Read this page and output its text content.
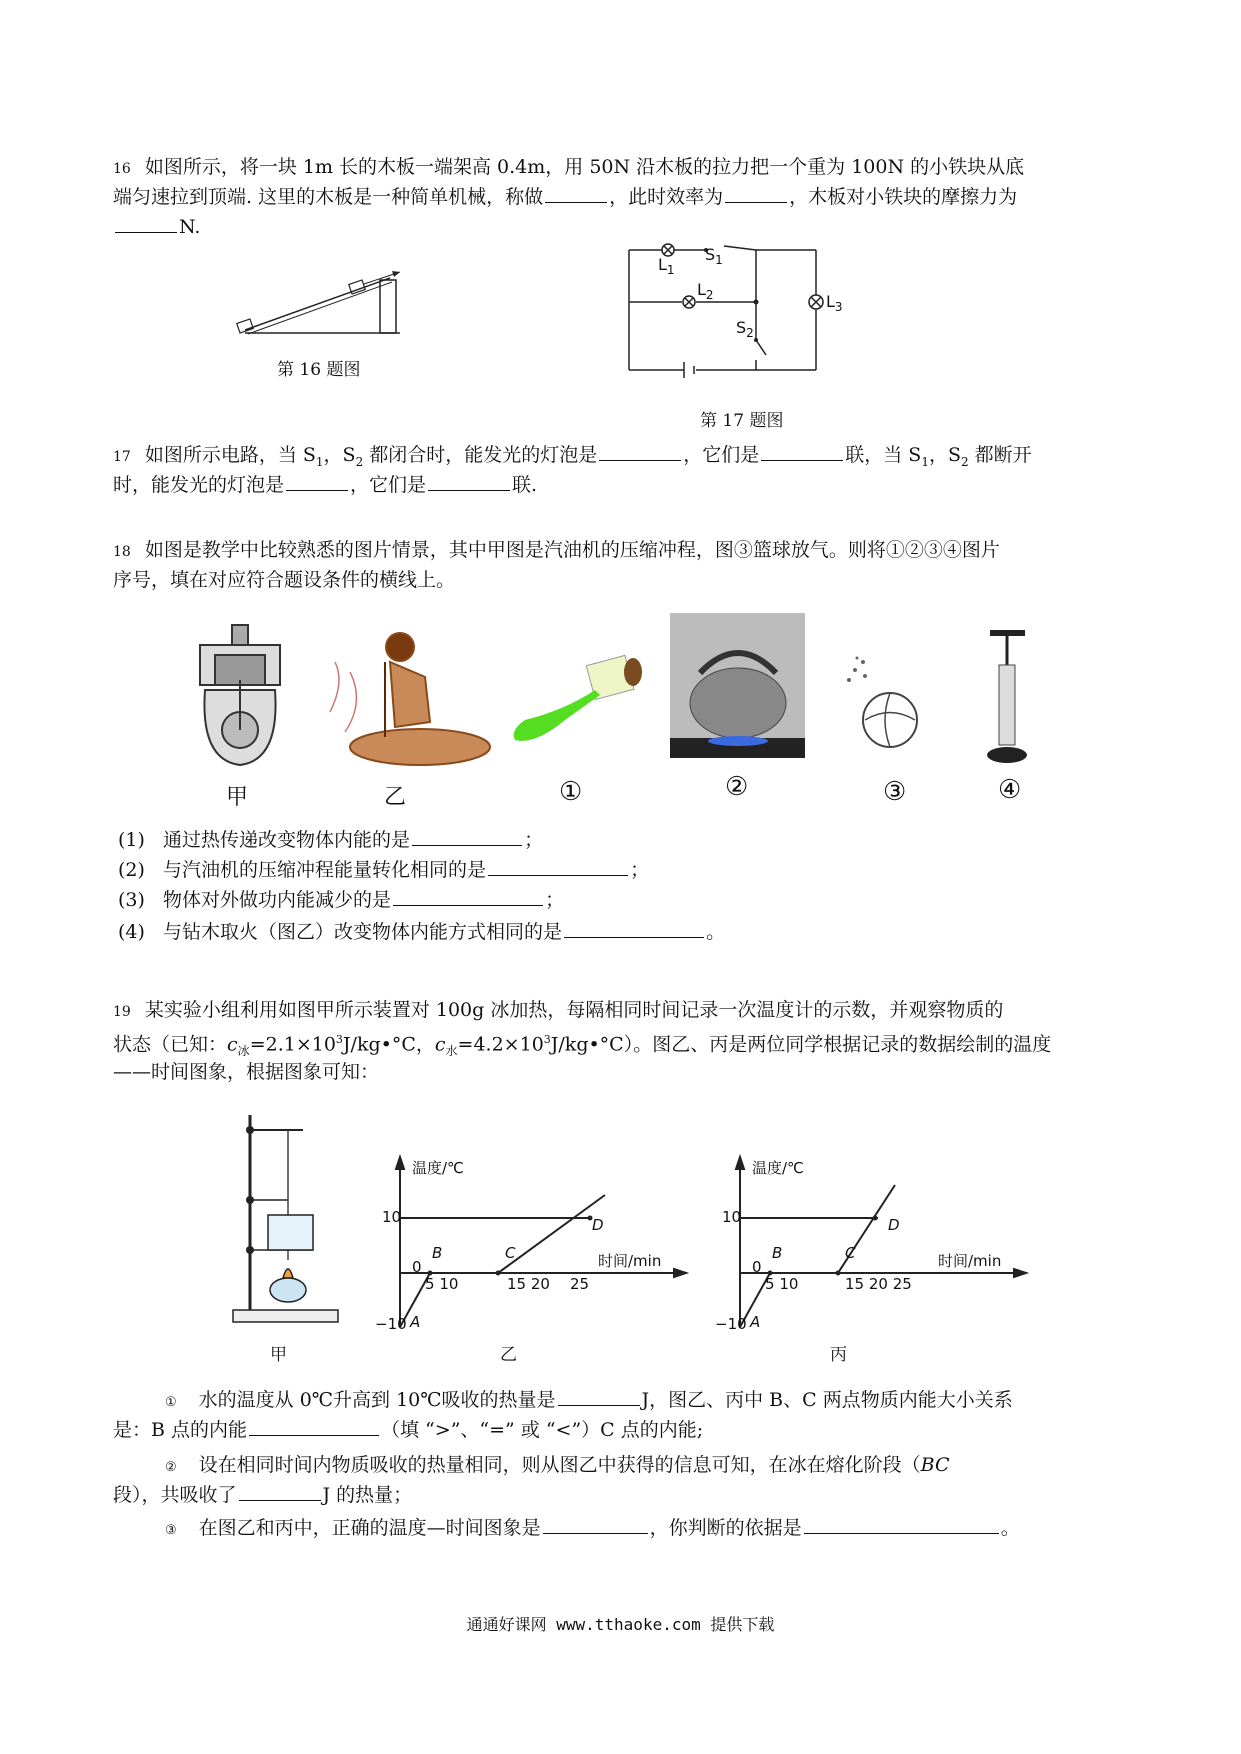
16 如图所示，将一块 1m 长的木板一端架高 0.4m，用 50N 沿木板的拉力把一个重为 100N 的小铁块从底
端匀速拉到顶端. 这里的木板是一种简单机械，称做	，此时效率为	，木板对小铁块的摩擦力为
N.
第 16 题图
$L_1$
$S_1$
$L_2$	$L_3$
$S_2$
第 17 题图
17 如图所示电路，当 $S_1$，$S_2$ 都闭合时，能发光的灯泡是	，它们是	联，当 $S_1$，$S_2$ 都断开
时，能发光的灯泡是	，它们是	联.
18 如图是教学中比较熟悉的图片情景，其中甲图是汽油机的压缩冲程，图③篮球放气。则将①②③④图片
序号，填在对应符合题设条件的横线上。
甲	乙	①	②	③	④
(1) 通过热传递改变物体内能的是	；
(2) 与汽油机的压缩冲程能量转化相同的是	；
(3) 物体对外做功内能减少的是	；
(4) 与钻木取火（图乙）改变物体内能方式相同的是	。
19 某实验小组利用如图甲所示装置对 100g 冰加热，每隔相同时间记录一次温度计的示数，并观察物质的
状态（已知：$c_冰=2.1\times 10^3J/kg•^\circ C$，$c_水=4.2\times 10^3J/kg•^\circ C$）。图乙、丙是两位同学根据记录的数据绘制的温度
——时间图象，根据图象可知：
甲
温度/℃
时间/min
10
0
−10
5 10	15 20 25
A
B	C
D
乙
温度/℃
时间/min
10
0
−10
5 10	15 20 25
A
B	C
D
丙
① 水的温度从 0℃升高到 10℃吸收的热量是	J，图乙、丙中 B、C 两点物质内能大小关系
是：B 点的内能	（填 “>”、“=” 或 “<”）C 点的内能;
② 设在相同时间内物质吸收的热量相同，则从图乙中获得的信息可知，在冰在熔化阶段（BC
段），共吸收了	J 的热量；
③ 在图乙和丙中，正确的温度—时间图象是	，你判断的依据是	。
通通好课网 www.tthaoke.com 提供下载
